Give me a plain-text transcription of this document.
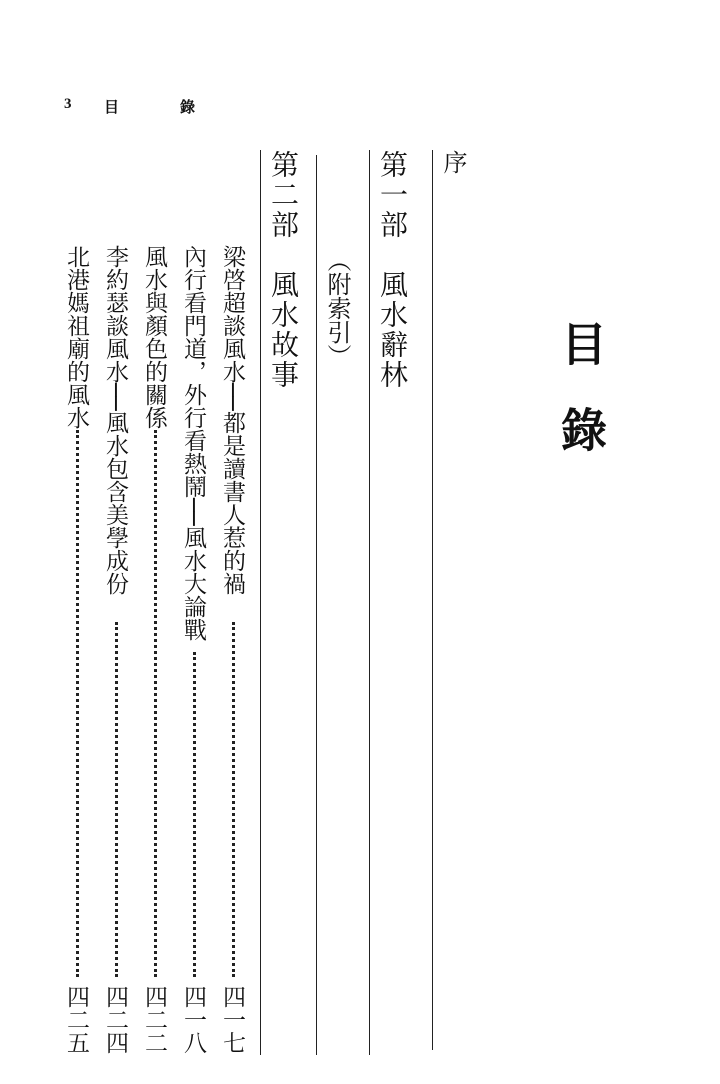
3 目	錄
目錄
序
第一部　風水辭林
（附索引）
第二部　風水故事
梁啓超談風水──都是讀書人惹的禍
四一七
內行看門道，外行看熱鬧──風水大論戰
四一八
風水與顏色的關係
四二二
李約瑟談風水──風水包含美學成份
四二四
北港媽祖廟的風水
四二五
